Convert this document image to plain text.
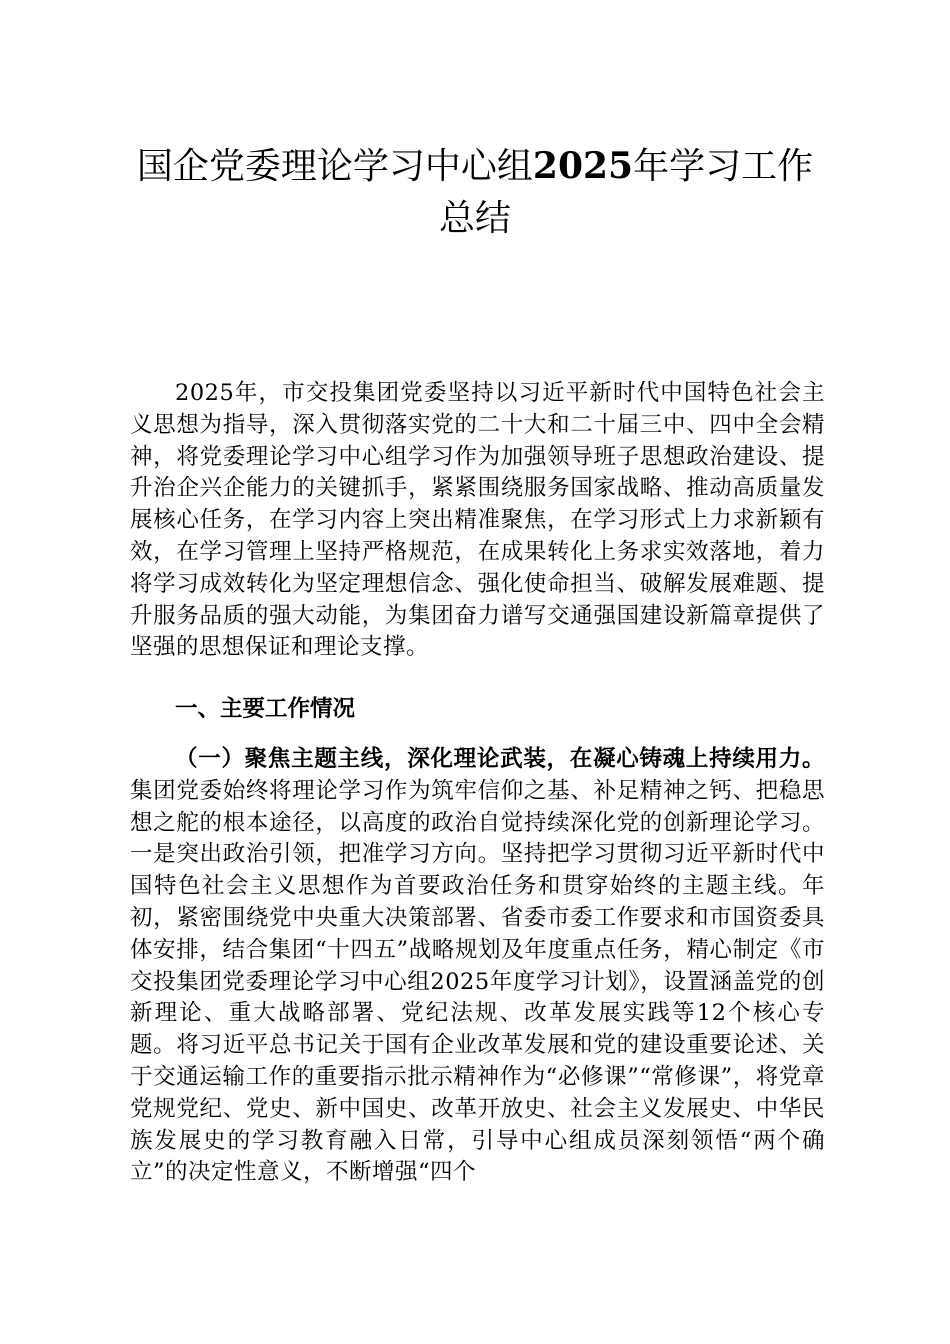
国企党委理论学习中心组2025年学习工作总结

2025年，市交投集团党委坚持以习近平新时代中国特色社会主义思想为指导，深入贯彻落实党的二十大和二十届三中、四中全会精神，将党委理论学习中心组学习作为加强领导班子思想政治建设、提升治企兴企能力的关键抓手，紧紧围绕服务国家战略、推动高质量发展核心任务，在学习内容上突出精准聚焦，在学习形式上力求新颖有效，在学习管理上坚持严格规范，在成果转化上务求实效落地，着力将学习成效转化为坚定理想信念、强化使命担当、破解发展难题、提升服务品质的强大动能，为集团奋力谱写交通强国建设新篇章提供了坚强的思想保证和理论支撑。

一、主要工作情况

（一）聚焦主题主线，深化理论武装，在凝心铸魂上持续用力。集团党委始终将理论学习作为筑牢信仰之基、补足精神之钙、把稳思想之舵的根本途径，以高度的政治自觉持续深化党的创新理论学习。一是突出政治引领，把准学习方向。坚持把学习贯彻习近平新时代中国特色社会主义思想作为首要政治任务和贯穿始终的主题主线。年初，紧密围绕党中央重大决策部署、省委市委工作要求和市国资委具体安排，结合集团“十四五”战略规划及年度重点任务，精心制定《市交投集团党委理论学习中心组2025年度学习计划》，设置涵盖党的创新理论、重大战略部署、党纪法规、改革发展实践等12个核心专题。将习近平总书记关于国有企业改革发展和党的建设重要论述、关于交通运输工作的重要指示批示精神作为“必修课”“常修课”，将党章党规党纪、党史、新中国史、改革开放史、社会主义发展史、中华民族发展史的学习教育融入日常，引导中心组成员深刻领悟“两个确立”的决定性意义，不断增强“四个
